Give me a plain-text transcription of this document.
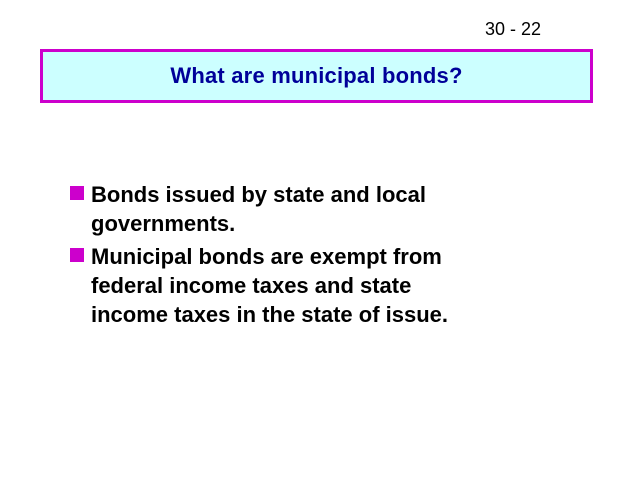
30 - 22
What are municipal bonds?
Bonds issued by state and local
governments.
Municipal bonds are exempt from
federal income taxes and state
income taxes in the state of issue.
